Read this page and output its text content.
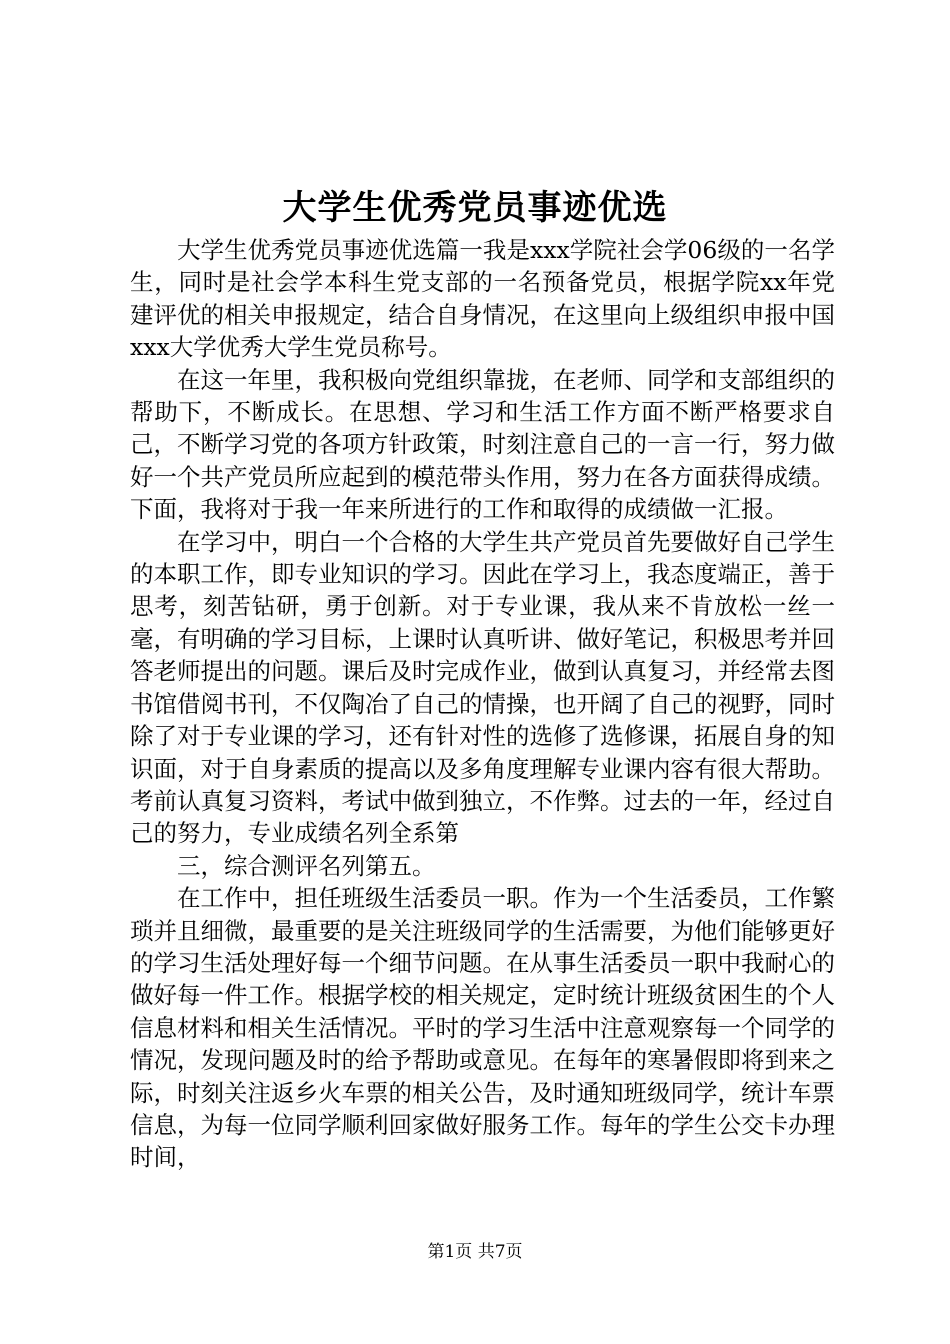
大学生优秀党员事迹优选

大学生优秀党员事迹优选篇一我是xxx学院社会学06级的一名学生，同时是社会学本科生党支部的一名预备党员，根据学院xx年党建评优的相关申报规定，结合自身情况，在这里向上级组织申报中国xxx大学优秀大学生党员称号。

在这一年里，我积极向党组织靠拢，在老师、同学和支部组织的帮助下，不断成长。在思想、学习和生活工作方面不断严格要求自己，不断学习党的各项方针政策，时刻注意自己的一言一行，努力做好一个共产党员所应起到的模范带头作用，努力在各方面获得成绩。下面，我将对于我一年来所进行的工作和取得的成绩做一汇报。

在学习中，明白一个合格的大学生共产党员首先要做好自己学生的本职工作，即专业知识的学习。因此在学习上，我态度端正，善于思考，刻苦钻研，勇于创新。对于专业课，我从来不肯放松一丝一毫，有明确的学习目标，上课时认真听讲、做好笔记，积极思考并回答老师提出的问题。课后及时完成作业，做到认真复习，并经常去图书馆借阅书刊，不仅陶冶了自己的情操，也开阔了自己的视野，同时除了对于专业课的学习，还有针对性的选修了选修课，拓展自身的知识面，对于自身素质的提高以及多角度理解专业课内容有很大帮助。考前认真复习资料，考试中做到独立，不作弊。过去的一年，经过自己的努力，专业成绩名列全系第

三，综合测评名列第五。

在工作中，担任班级生活委员一职。作为一个生活委员，工作繁琐并且细微，最重要的是关注班级同学的生活需要，为他们能够更好的学习生活处理好每一个细节问题。在从事生活委员一职中我耐心的做好每一件工作。根据学校的相关规定，定时统计班级贫困生的个人信息材料和相关生活情况。平时的学习生活中注意观察每一个同学的情况，发现问题及时的给予帮助或意见。在每年的寒暑假即将到来之际，时刻关注返乡火车票的相关公告，及时通知班级同学，统计车票信息，为每一位同学顺利回家做好服务工作。每年的学生公交卡办理时间，

第1页 共7页
